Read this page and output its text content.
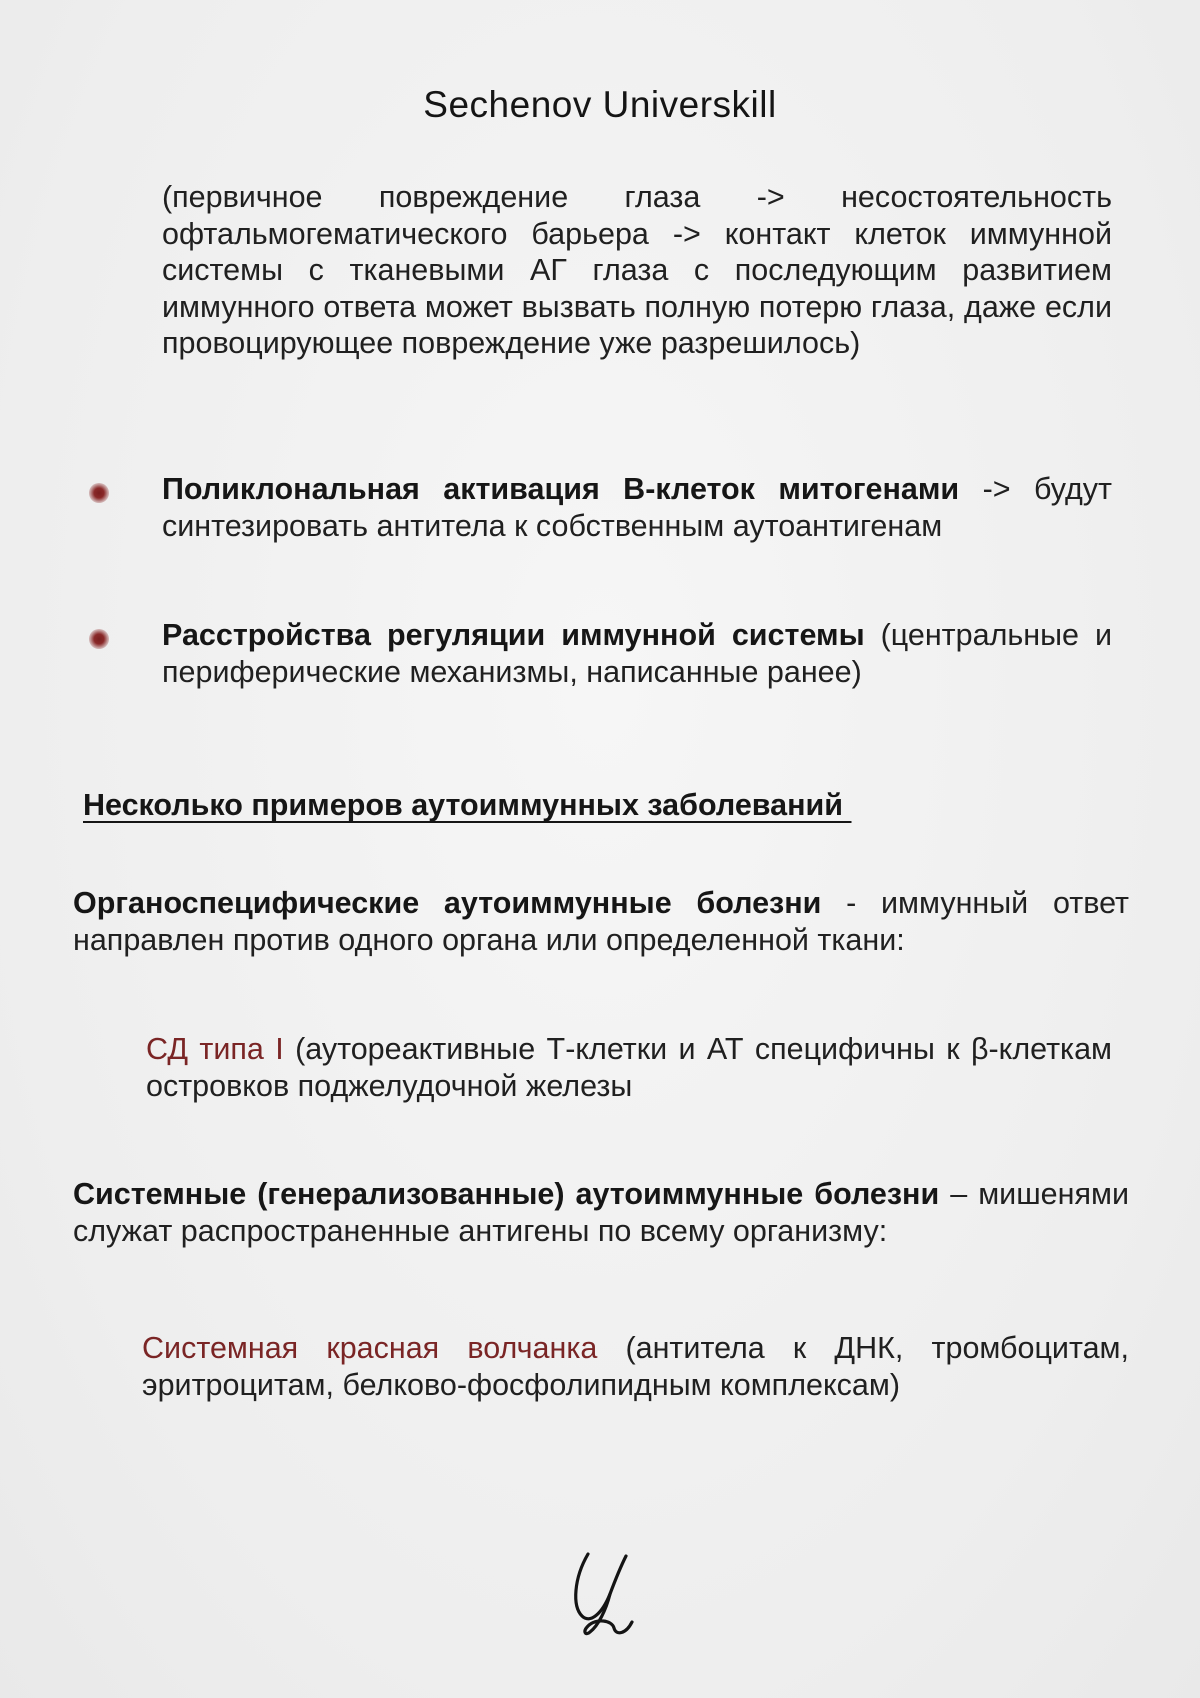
Sechenov Universkill
(первичное повреждение глаза -> несостоятельность офтальмогематического барьера -> контакт клеток иммунной системы с тканевыми АГ глаза с последующим развитием иммунного ответа может вызвать полную потерю глаза, даже если провоцирующее повреждение уже разрешилось)
Поликлональная активация В-клеток митогенами -> будут синтезировать антитела к собственным аутоантигенам
Расстройства регуляции иммунной системы (центральные и периферические механизмы, написанные ранее)
Несколько примеров аутоиммунных заболеваний
Органоспецифические аутоиммунные болезни - иммунный ответ направлен против одного органа или определенной ткани:
СД типа I (аутореактивные Т-клетки и АТ специфичны к β-клеткам островков поджелудочной железы
Системные (генерализованные) аутоиммунные болезни – мишенями служат распространенные антигены по всему организму:
Системная красная волчанка (антитела к ДНК, тромбоцитам, эритроцитам, белково-фосфолипидным комплексам)
